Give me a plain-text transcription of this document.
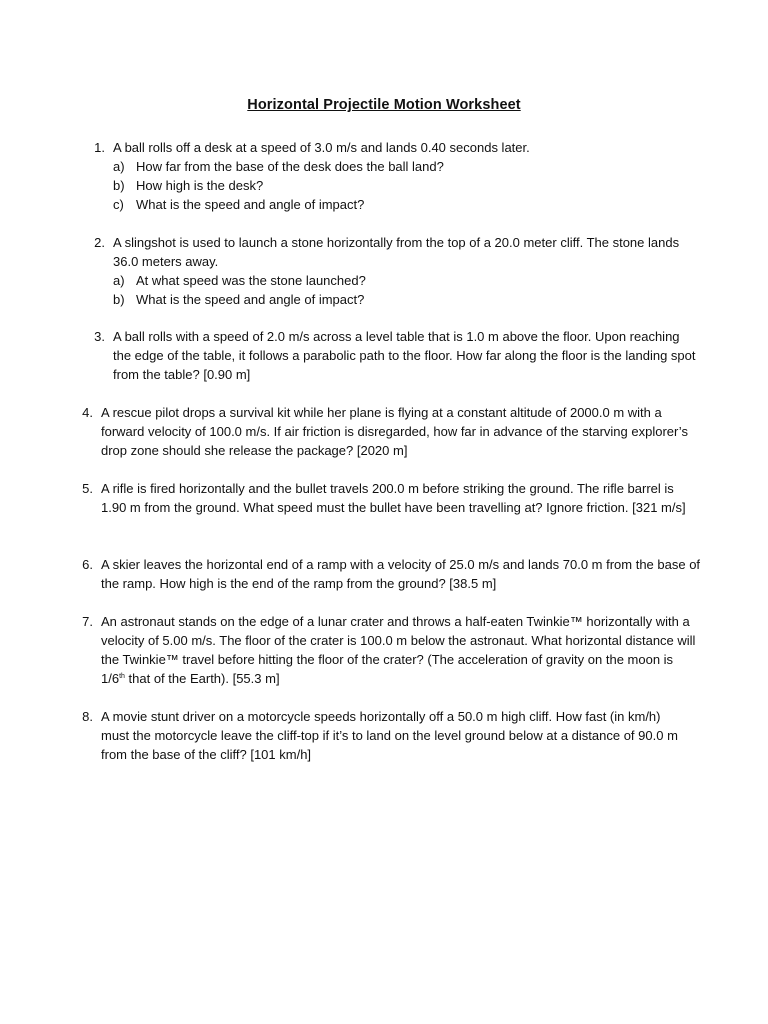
Horizontal Projectile Motion Worksheet
1. A ball rolls off a desk at a speed of 3.0 m/s and lands 0.40 seconds later.
a) How far from the base of the desk does the ball land?
b) How high is the desk?
c) What is the speed and angle of impact?
2. A slingshot is used to launch a stone horizontally from the top of a 20.0 meter cliff. The stone lands 36.0 meters away.
a) At what speed was the stone launched?
b) What is the speed and angle of impact?
3. A ball rolls with a speed of 2.0 m/s across a level table that is 1.0 m above the floor. Upon reaching the edge of the table, it follows a parabolic path to the floor. How far along the floor is the landing spot from the table? [0.90 m]
4. A rescue pilot drops a survival kit while her plane is flying at a constant altitude of 2000.0 m with a forward velocity of 100.0 m/s. If air friction is disregarded, how far in advance of the starving explorer’s drop zone should she release the package? [2020 m]
5. A rifle is fired horizontally and the bullet travels 200.0 m before striking the ground. The rifle barrel is 1.90 m from the ground. What speed must the bullet have been travelling at? Ignore friction. [321 m/s]
6. A skier leaves the horizontal end of a ramp with a velocity of 25.0 m/s and lands 70.0 m from the base of the ramp. How high is the end of the ramp from the ground? [38.5 m]
7. An astronaut stands on the edge of a lunar crater and throws a half-eaten Twinkie™ horizontally with a velocity of 5.00 m/s. The floor of the crater is 100.0 m below the astronaut. What horizontal distance will the Twinkie™ travel before hitting the floor of the crater? (The acceleration of gravity on the moon is 1/6th that of the Earth). [55.3 m]
8. A movie stunt driver on a motorcycle speeds horizontally off a 50.0 m high cliff. How fast (in km/h) must the motorcycle leave the cliff-top if it’s to land on the level ground below at a distance of 90.0 m from the base of the cliff? [101 km/h]
